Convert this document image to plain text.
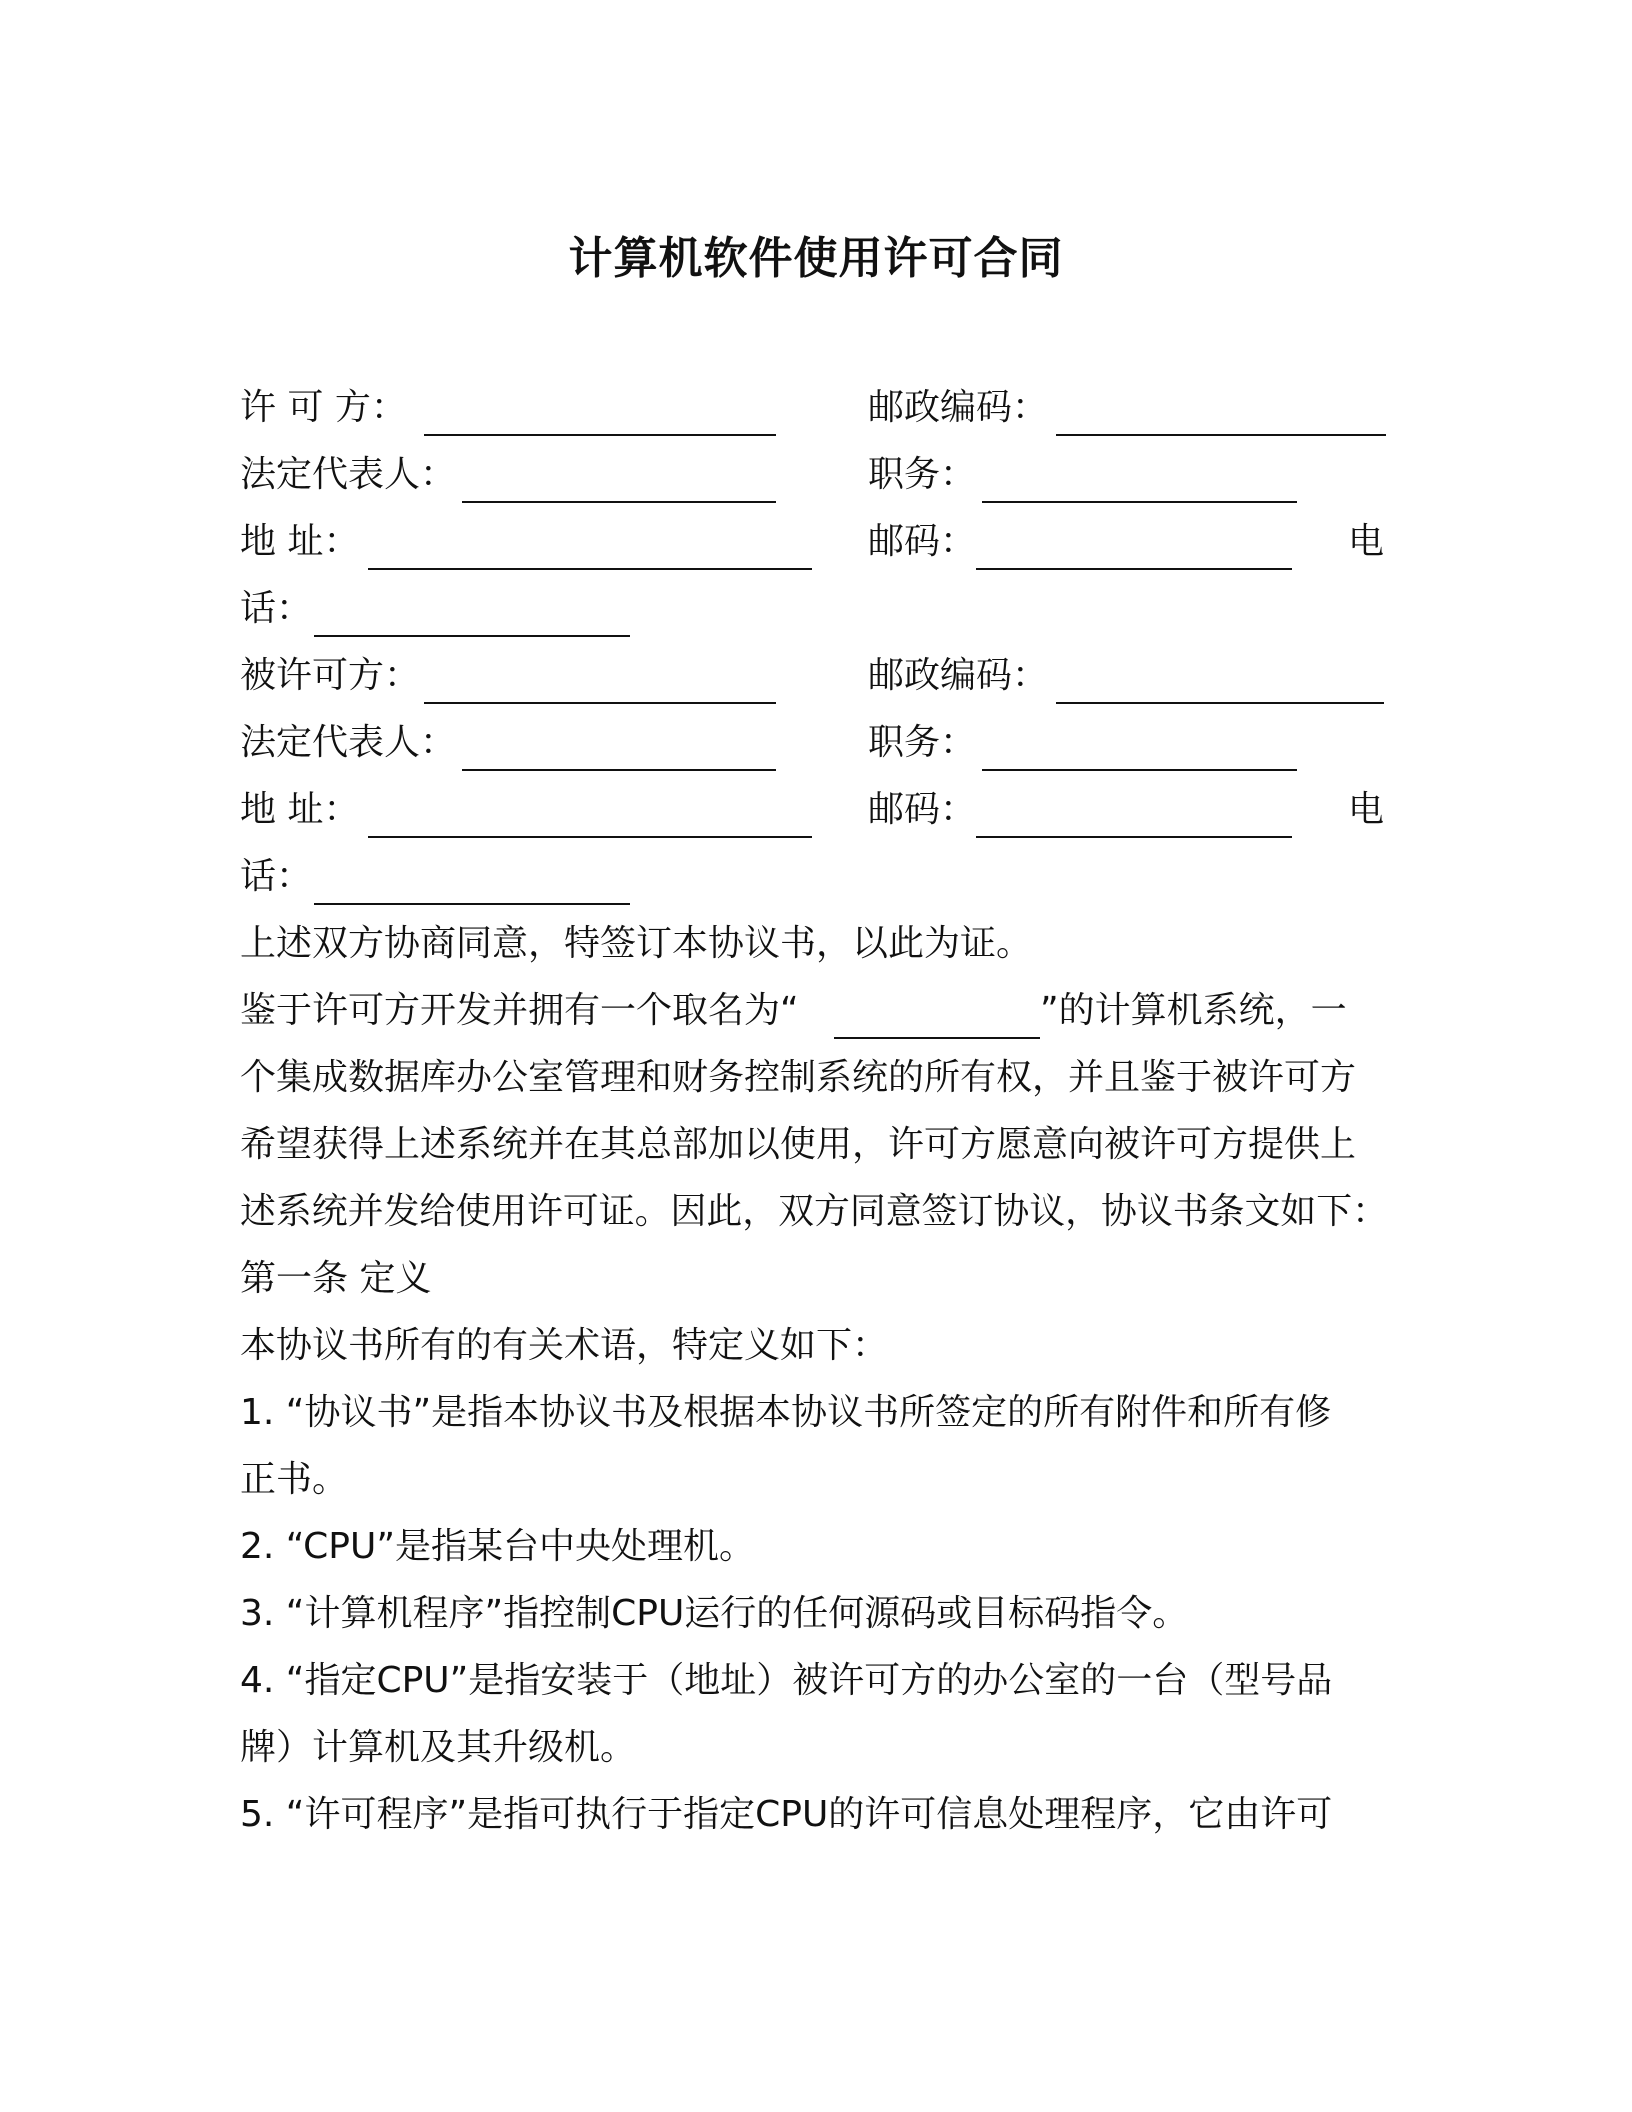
计算机软件使用许可合同
许 可 方：	邮政编码：
法定代表人：	职务：
地 址：	邮码：	电
话：
被许可方：	邮政编码：
法定代表人：	职务：
地 址：	邮码：	电
话：
上述双方协商同意，特签订本协议书，以此为证。
鉴于许可方开发并拥有一个取名为“	”的计算机系统，一
个集成数据库办公室管理和财务控制系统的所有权，并且鉴于被许可方
希望获得上述系统并在其总部加以使用，许可方愿意向被许可方提供上
述系统并发给使用许可证。因此，双方同意签订协议，协议书条文如下：
第一条 定义
本协议书所有的有关术语，特定义如下：
1. “协议书”是指本协议书及根据本协议书所签定的所有附件和所有修
正书。
2. “CPU”是指某台中央处理机。
3. “计算机程序”指控制CPU运行的任何源码或目标码指令。
4. “指定CPU”是指安装于（地址）被许可方的办公室的一台（型号品
牌）计算机及其升级机。
5. “许可程序”是指可执行于指定CPU的许可信息处理程序，它由许可
